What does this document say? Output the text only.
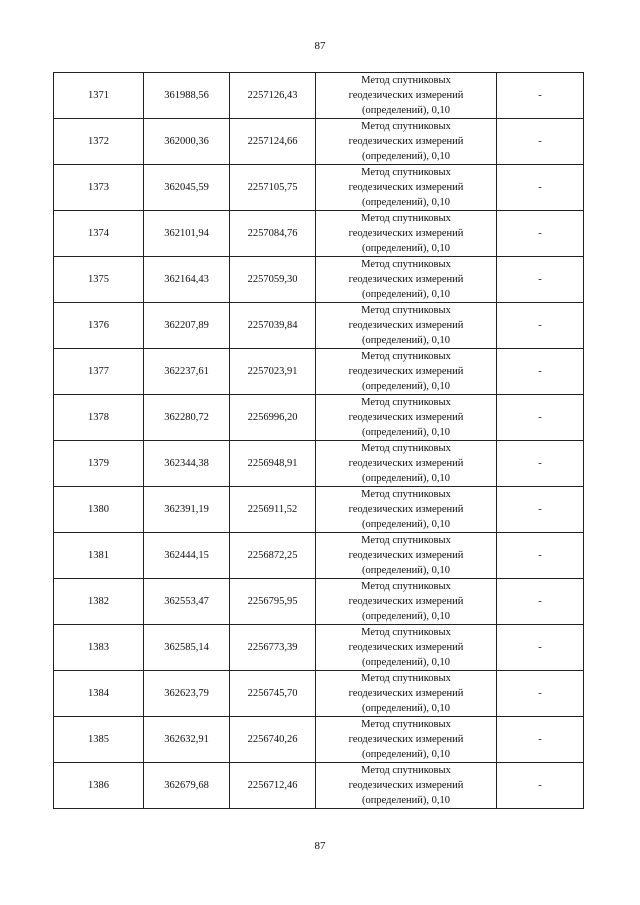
87
1371	361988,56	2257126,43	Метод спутниковых
геодезических измерений
(определений), 0,10	-
1372	362000,36	2257124,66	Метод спутниковых
геодезических измерений
(определений), 0,10	-
1373	362045,59	2257105,75	Метод спутниковых
геодезических измерений
(определений), 0,10	-
1374	362101,94	2257084,76	Метод спутниковых
геодезических измерений
(определений), 0,10	-
1375	362164,43	2257059,30	Метод спутниковых
геодезических измерений
(определений), 0,10	-
1376	362207,89	2257039,84	Метод спутниковых
геодезических измерений
(определений), 0,10	-
1377	362237,61	2257023,91	Метод спутниковых
геодезических измерений
(определений), 0,10	-
1378	362280,72	2256996,20	Метод спутниковых
геодезических измерений
(определений), 0,10	-
1379	362344,38	2256948,91	Метод спутниковых
геодезических измерений
(определений), 0,10	-
1380	362391,19	2256911,52	Метод спутниковых
геодезических измерений
(определений), 0,10	-
1381	362444,15	2256872,25	Метод спутниковых
геодезических измерений
(определений), 0,10	-
1382	362553,47	2256795,95	Метод спутниковых
геодезических измерений
(определений), 0,10	-
1383	362585,14	2256773,39	Метод спутниковых
геодезических измерений
(определений), 0,10	-
1384	362623,79	2256745,70	Метод спутниковых
геодезических измерений
(определений), 0,10	-
1385	362632,91	2256740,26	Метод спутниковых
геодезических измерений
(определений), 0,10	-
1386	362679,68	2256712,46	Метод спутниковых
геодезических измерений
(определений), 0,10	-
87
